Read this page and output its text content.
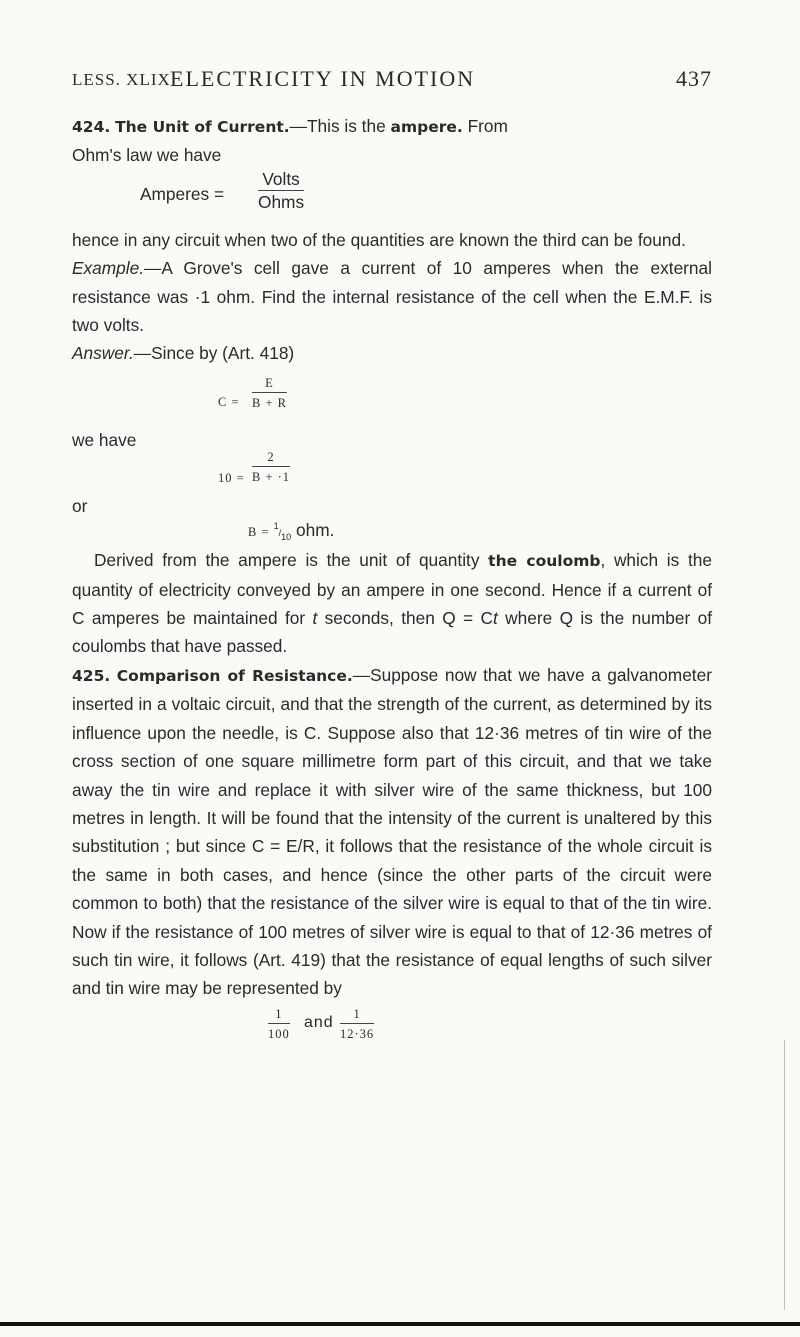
LESS. XLIX ELECTRICITY IN MOTION	437

424. The Unit of Current.—This is the ampere. From

Ohm's law we have

Amperes =
Volts
Ohms

hence in any circuit when two of the quantities are known the third can be found.

Example.—A Grove's cell gave a current of 10 amperes when the external resistance was ·1 ohm. Find the internal resistance of the cell when the E.M.F. is two volts.

Answer.—Since by (Art. 418)

$C = \frac{E}{B + R}$

we have

$10 = \frac{2}{B + \cdot 1}$
or
$B = ^1/_{10}$ ohm.

Derived from the ampere is the unit of quantity the coulomb, which is the quantity of electricity conveyed by an ampere in one second. Hence if a current of C amperes be maintained for t seconds, then Q = Ct where Q is the number of coulombs that have passed.

425. Comparison of Resistance.—Suppose now that we have a galvanometer inserted in a voltaic circuit, and that the strength of the current, as determined by its influence upon the needle, is C. Suppose also that 12·36 metres of tin wire of the cross section of one square millimetre form part of this circuit, and that we take away the tin wire and replace it with silver wire of the same thickness, but 100 metres in length. It will be found that the intensity of the current is unaltered by this substitution ; but since C = E/R, it follows that the resistance of the whole circuit is the same in both cases, and hence (since the other parts of the circuit were common to both) that the resistance of the silver wire is equal to that of the tin wire. Now if the resistance of 100 metres of silver wire is equal to that of 12·36 metres of such tin wire, it follows (Art. 419) that the resistance of equal lengths of such silver and tin wire may be represented by

$\frac{1}{100}$ and $\frac{1}{12\cdot 36}$
